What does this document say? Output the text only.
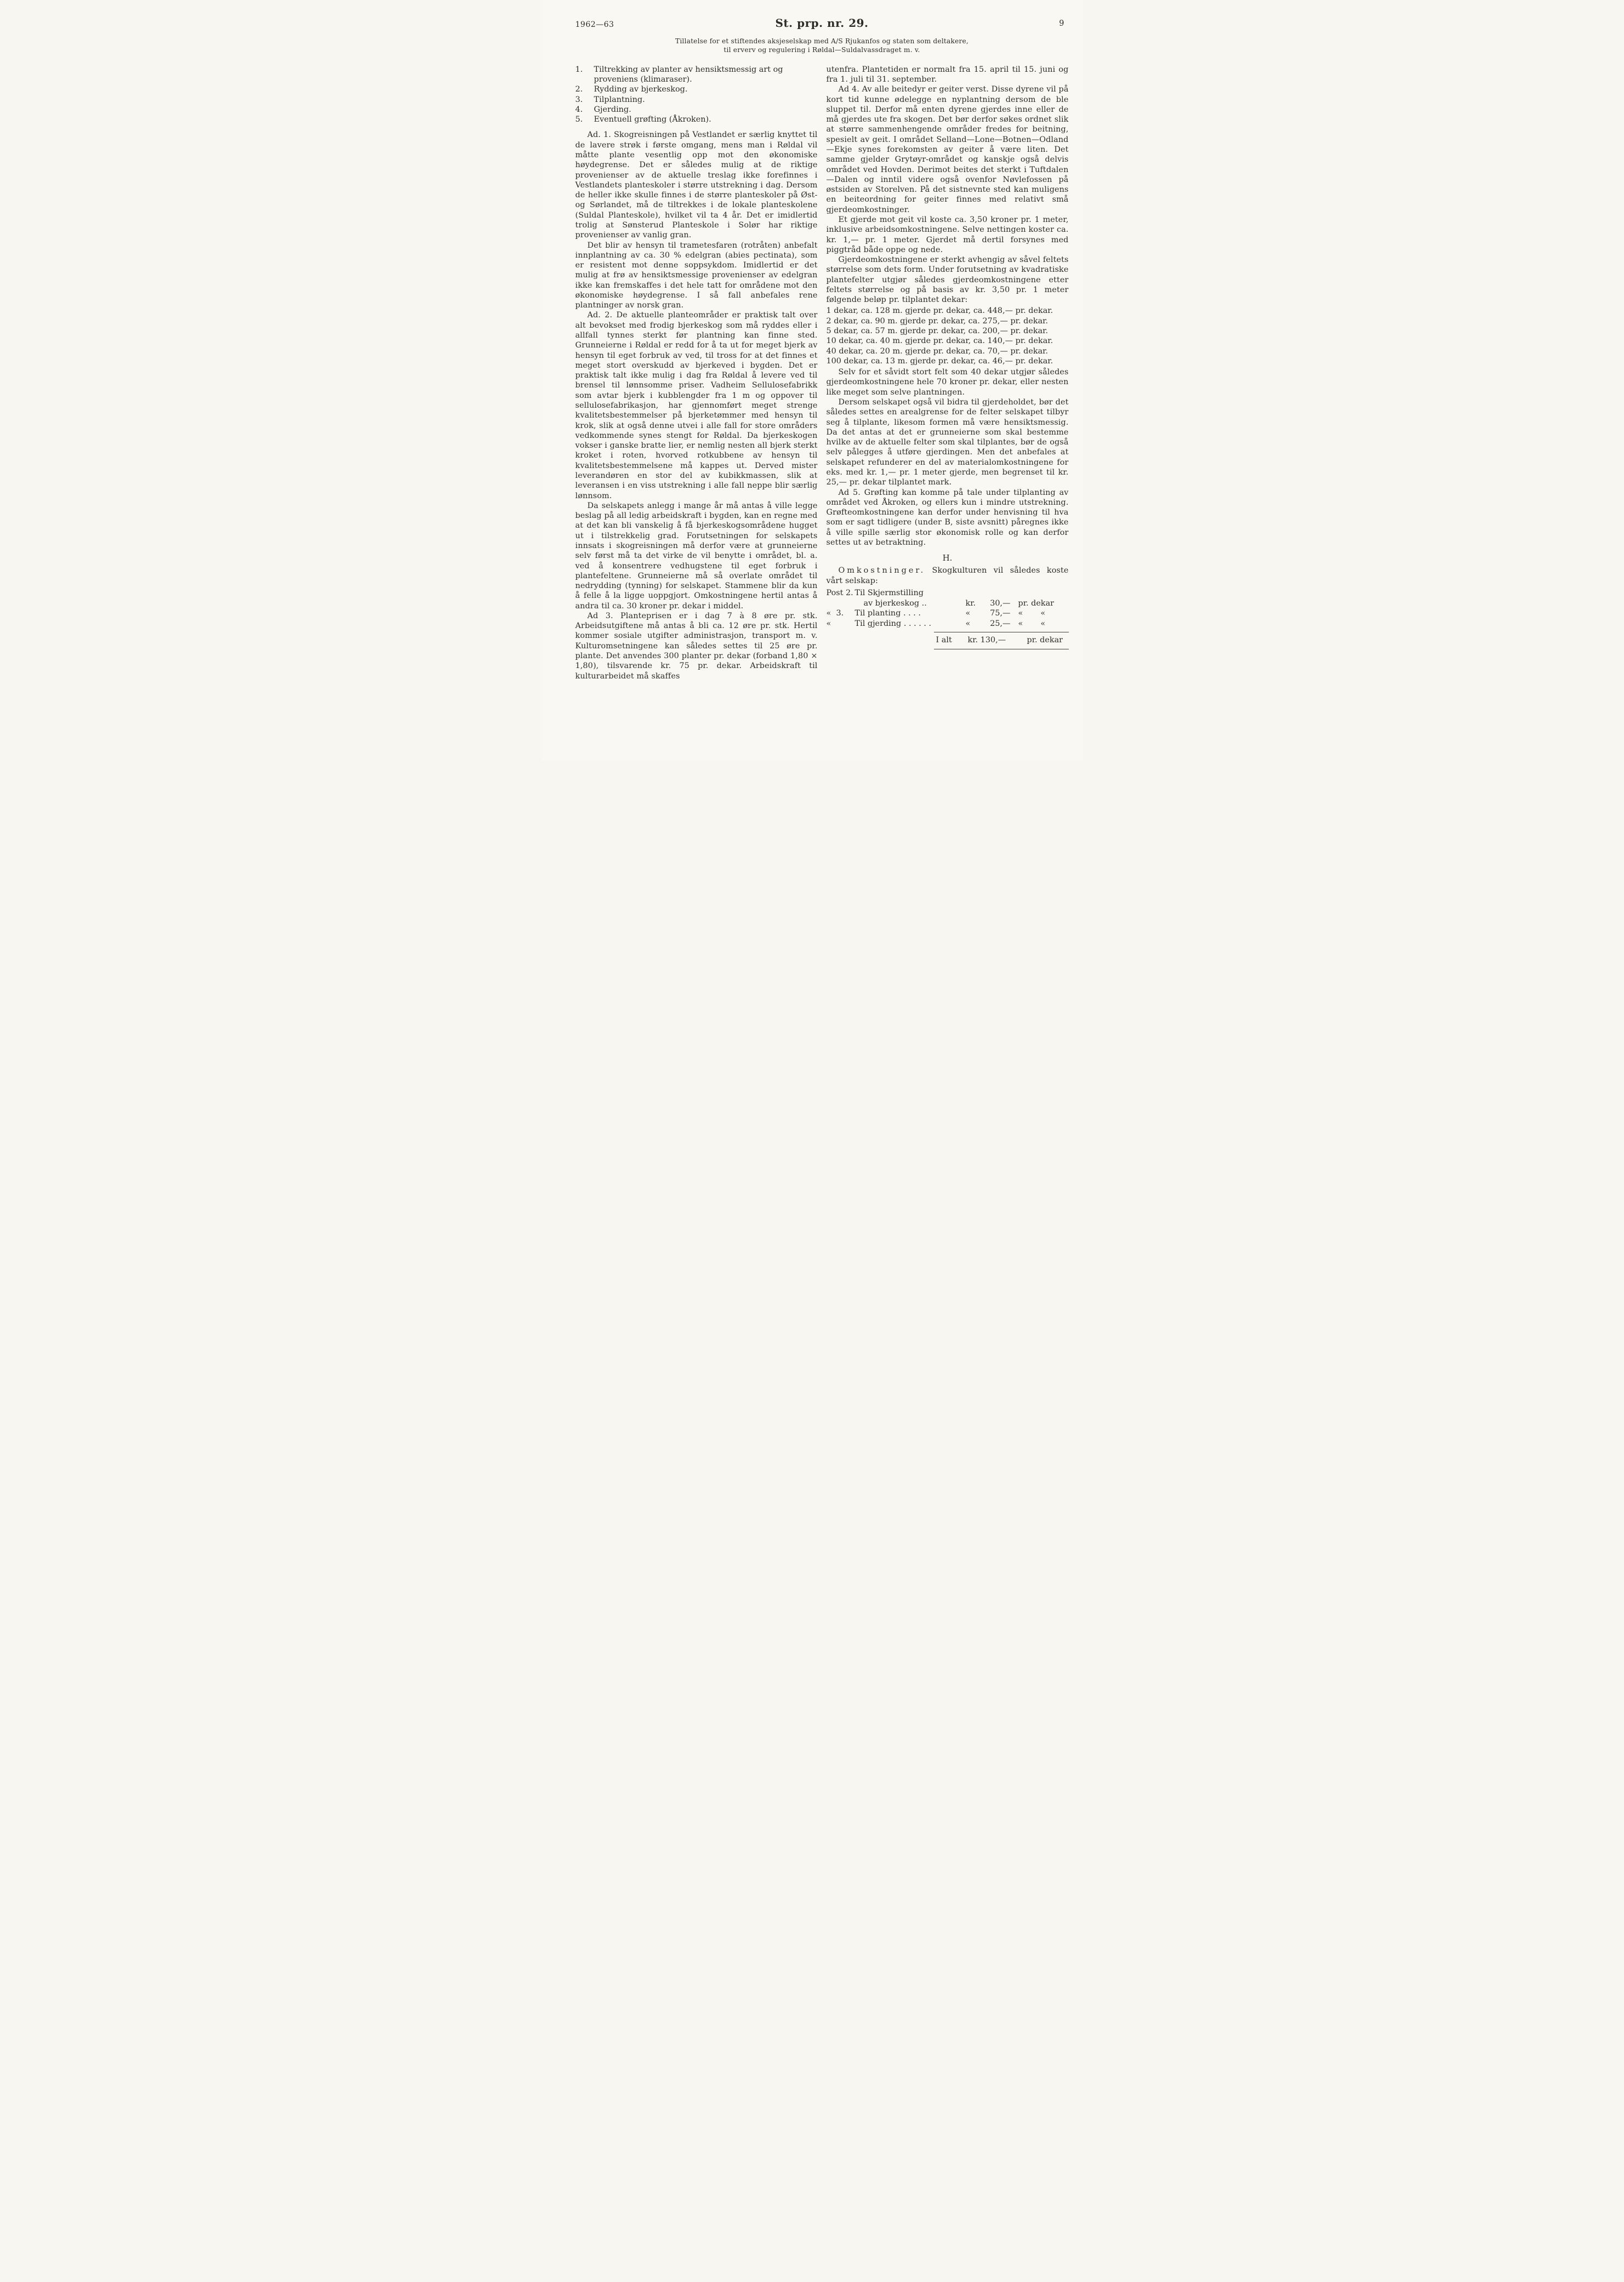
1962—63	St. prp. nr. 29.	9

Tillatelse for et stiftendes aksjeselskap med A/S Rjukanfos og staten som deltakere,
til erverv og regulering i Røldal—Suldalvassdraget m. v.

1.	Tiltrekking av planter av hensiktsmessig art og proveniens (klimaraser).
2.	Rydding av bjerkeskog.
3.	Tilplantning.
4.	Gjerding.
5.	Eventuell grøfting (Åkroken).

Ad. 1. Skogreisningen på Vestlandet er særlig knyttet til de lavere strøk i første omgang, mens man i Røldal vil måtte plante vesentlig opp mot den økonomiske høydegrense. Det er således mulig at de riktige provenienser av de aktuelle treslag ikke forefinnes i Vestlandets planteskoler i større utstrekning i dag. Dersom de heller ikke skulle finnes i de større planteskoler på Øst- og Sørlandet, må de tiltrekkes i de lokale planteskolene (Suldal Planteskole), hvilket vil ta 4 år. Det er imidlertid trolig at Sønsterud Planteskole i Solør har riktige provenienser av vanlig gran.

Det blir av hensyn til trametesfaren (rotråten) anbefalt innplantning av ca. 30 % edelgran (abies pectinata), som er resistent mot denne soppsykdom. Imidlertid er det mulig at frø av hensiktsmessige provenienser av edelgran ikke kan fremskaffes i det hele tatt for områdene mot den økonomiske høydegrense. I så fall anbefales rene plantninger av norsk gran.

Ad. 2. De aktuelle planteområder er praktisk talt over alt bevokset med frodig bjerkeskog som må ryddes eller i allfall tynnes sterkt før plantning kan finne sted. Grunneierne i Røldal er redd for å ta ut for meget bjerk av hensyn til eget forbruk av ved, til tross for at det finnes et meget stort overskudd av bjerkeved i bygden. Det er praktisk talt ikke mulig i dag fra Røldal å levere ved til brensel til lønnsomme priser. Vadheim Sellulosefabrikk som avtar bjerk i kubblengder fra 1 m og oppover til sellulosefabrikasjon, har gjennomført meget strenge kvalitetsbestemmelser på bjerketømmer med hensyn til krok, slik at også denne utvei i alle fall for store områders vedkommende synes stengt for Røldal. Da bjerkeskogen vokser i ganske bratte lier, er nemlig nesten all bjerk sterkt kroket i roten, hvorved rotkubbene av hensyn til kvalitetsbestemmelsene må kappes ut. Derved mister leverandøren en stor del av kubikkmassen, slik at leveransen i en viss utstrekning i alle fall neppe blir særlig lønnsom.

Da selskapets anlegg i mange år må antas å ville legge beslag på all ledig arbeidskraft i bygden, kan en regne med at det kan bli vanskelig å få bjerkeskogsområdene hugget ut i tilstrekkelig grad. Forutsetningen for selskapets innsats i skogreisningen må derfor være at grunneierne selv først må ta det virke de vil benytte i området, bl. a. ved å konsentrere vedhugstene til eget forbruk i plantefeltene. Grunneierne må så overlate området til nedrydding (tynning) for selskapet. Stammene blir da kun å felle å la ligge uoppgjort. Omkostningene hertil antas å andra til ca. 30 kroner pr. dekar i middel.

Ad 3. Planteprisen er i dag 7 à 8 øre pr. stk. Arbeidsutgiftene må antas å bli ca. 12 øre pr. stk. Hertil kommer sosiale utgifter administrasjon, transport m. v. Kulturomsetningene kan således settes til 25 øre pr. plante. Det anvendes 300 planter pr. dekar (forband 1,80 × 1,80), tilsvarende kr. 75 pr. dekar. Arbeidskraft til kulturarbeidet må skaffes

utenfra. Plantetiden er normalt fra 15. april til 15. juni og fra 1. juli til 31. september.

Ad 4. Av alle beitedyr er geiter verst. Disse dyrene vil på kort tid kunne ødelegge en nyplantning dersom de ble sluppet til. Derfor må enten dyrene gjerdes inne eller de må gjerdes ute fra skogen. Det bør derfor søkes ordnet slik at større sammenhengende områder fredes for beitning, spesielt av geit. I området Selland—Lone—Botnen—Odland—Ekje synes forekomsten av geiter å være liten. Det samme gjelder Grytøyr-området og kanskje også delvis området ved Hovden. Derimot beites det sterkt i Tuftdalen—Dalen og inntil videre også ovenfor Nøvlefossen på østsiden av Storelven. På det sistnevnte sted kan muligens en beiteordning for geiter finnes med relativt små gjerdeomkostninger.

Et gjerde mot geit vil koste ca. 3,50 kroner pr. 1 meter, inklusive arbeidsomkostningene. Selve nettingen koster ca. kr. 1,— pr. 1 meter. Gjerdet må dertil forsynes med piggtråd både oppe og nede.

Gjerdeomkostningene er sterkt avhengig av såvel feltets størrelse som dets form. Under forutsetning av kvadratiske plantefelter utgjør således gjerdeomkostningene etter feltets størrelse og på basis av kr. 3,50 pr. 1 meter følgende beløp pr. tilplantet dekar:

1 dekar, ca. 128 m. gjerde pr. dekar, ca. 448,— pr. dekar.

2 dekar, ca. 90 m. gjerde pr. dekar, ca. 275,— pr. dekar.

5 dekar, ca. 57 m. gjerde pr. dekar, ca. 200,— pr. dekar.

10 dekar, ca. 40 m. gjerde pr. dekar, ca. 140,— pr. dekar.

40 dekar, ca. 20 m. gjerde pr. dekar, ca. 70,— pr. dekar.

100 dekar, ca. 13 m. gjerde pr. dekar, ca. 46,— pr. dekar.

Selv for et såvidt stort felt som 40 dekar utgjør således gjerdeomkostningene hele 70 kroner pr. dekar, eller nesten like meget som selve plantningen.

Dersom selskapet også vil bidra til gjerdeholdet, bør det således settes en arealgrense for de felter selskapet tilbyr seg å tilplante, likesom formen må være hensiktsmessig. Da det antas at det er grunneierne som skal bestemme hvilke av de aktuelle felter som skal tilplantes, bør de også selv pålegges å utføre gjerdingen. Men det anbefales at selskapet refunderer en del av materialomkostningene for eks. med kr. 1,— pr. 1 meter gjerde, men begrenset til kr. 25,— pr. dekar tilplantet mark.

Ad 5. Grøfting kan komme på tale under tilplanting av området ved Åkroken, og ellers kun i mindre utstrekning. Grøfteomkostningene kan derfor under henvisning til hva som er sagt tidligere (under B, siste avsnitt) påregnes ikke å ville spille særlig stor økonomisk rolle og kan derfor settes ut av betraktning.

H.

Omkostninger. Skogkulturen vil således koste vårt selskap:

Post 2. Til Skjermstilling
av bjerkeskog ..	kr.	30,— pr. dekar
«  3.	Til planting . . . .	«	75,— «       «
«	Til gjerding . . . . . .	«	25,— «       «
I alt	kr. 130,—	pr. dekar
